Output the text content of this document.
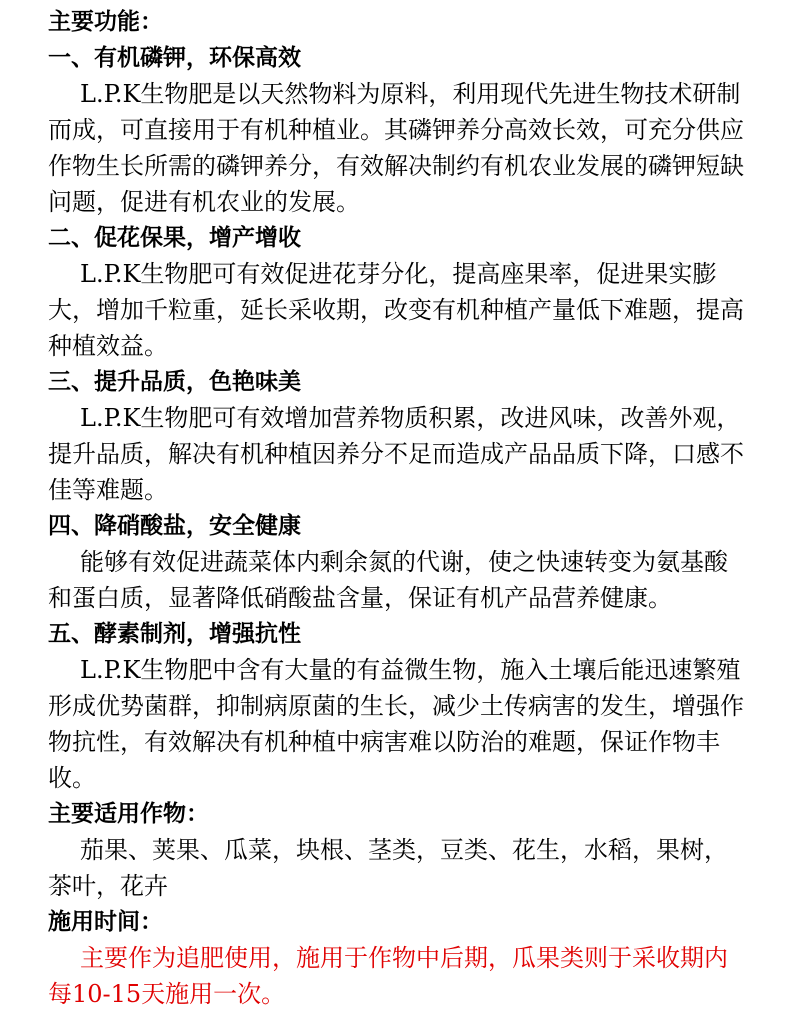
主要功能：
一、有机磷钾，环保高效

L.P.K生物肥是以天然物料为原料，利用现代先进生物技术研制而成，可直接用于有机种植业。其磷钾养分高效长效，可充分供应作物生长所需的磷钾养分，有效解决制约有机农业发展的磷钾短缺问题，促进有机农业的发展。

二、促花保果，增产增收

L.P.K生物肥可有效促进花芽分化，提高座果率，促进果实膨大，增加千粒重，延长采收期，改变有机种植产量低下难题，提高种植效益。

三、提升品质，色艳味美

L.P.K生物肥可有效增加营养物质积累，改进风味，改善外观，提升品质，解决有机种植因养分不足而造成产品品质下降，口感不佳等难题。

四、降硝酸盐，安全健康

能够有效促进蔬菜体内剩余氮的代谢，使之快速转变为氨基酸和蛋白质，显著降低硝酸盐含量，保证有机产品营养健康。

五、酵素制剂，增强抗性

L.P.K生物肥中含有大量的有益微生物，施入土壤后能迅速繁殖形成优势菌群，抑制病原菌的生长，减少土传病害的发生，增强作物抗性，有效解决有机种植中病害难以防治的难题，保证作物丰收。

主要适用作物：

茄果、荚果、瓜菜，块根、茎类，豆类、花生，水稻，果树，茶叶，花卉

施用时间：

主要作为追肥使用，施用于作物中后期，瓜果类则于采收期内每10-15天施用一次。
